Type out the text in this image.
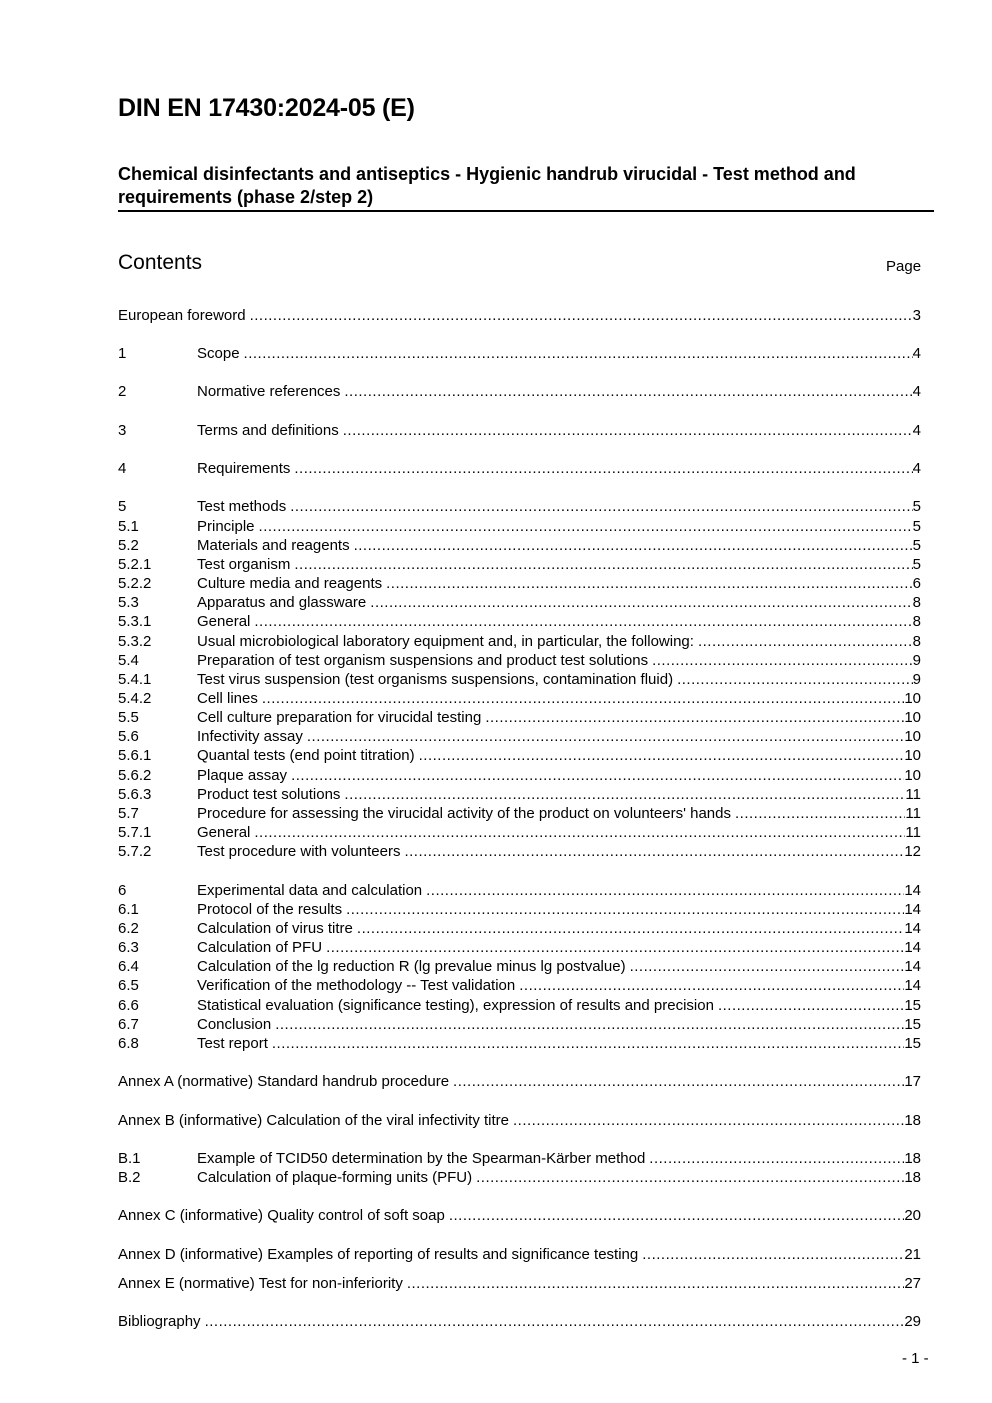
DIN EN 17430:2024-05 (E)
Chemical disinfectants and antiseptics - Hygienic handrub virucidal - Test method and requirements (phase 2/step 2)
Contents	Page
European foreword .....	3
1	Scope .....	4
2	Normative references .....	4
3	Terms and definitions .....	4
4	Requirements .....	4
5	Test methods .....	5
5.1	Principle .....	5
5.2	Materials and reagents .....	5
5.2.1	Test organism .....	5
5.2.2	Culture media and reagents .....	6
5.3	Apparatus and glassware .....	8
5.3.1	General .....	8
5.3.2	Usual microbiological laboratory equipment and, in particular, the following: .....	8
5.4	Preparation of test organism suspensions and product test solutions .....	9
5.4.1	Test virus suspension (test organisms suspensions, contamination fluid) .....	9
5.4.2	Cell lines .....	10
5.5	Cell culture preparation for virucidal testing .....	10
5.6	Infectivity assay .....	10
5.6.1	Quantal tests (end point titration) .....	10
5.6.2	Plaque assay .....	10
5.6.3	Product test solutions .....	11
5.7	Procedure for assessing the virucidal activity of the product on volunteers' hands .....	11
5.7.1	General .....	11
5.7.2	Test procedure with volunteers .....	12
6	Experimental data and calculation .....	14
6.1	Protocol of the results .....	14
6.2	Calculation of virus titre .....	14
6.3	Calculation of PFU .....	14
6.4	Calculation of the lg reduction R (lg prevalue minus lg postvalue) .....	14
6.5	Verification of the methodology -- Test validation .....	14
6.6	Statistical evaluation (significance testing), expression of results and precision .....	15
6.7	Conclusion .....	15
6.8	Test report .....	15
Annex A (normative) Standard handrub procedure .....	17
Annex B (informative) Calculation of the viral infectivity titre .....	18
B.1	Example of TCID50 determination by the Spearman-Kärber method .....	18
B.2	Calculation of plaque-forming units (PFU) .....	18
Annex C (informative) Quality control of soft soap .....	20
Annex D (informative) Examples of reporting of results and significance testing .....	21
Annex E (normative) Test for non-inferiority .....	27
Bibliography .....	29
- 1 -
